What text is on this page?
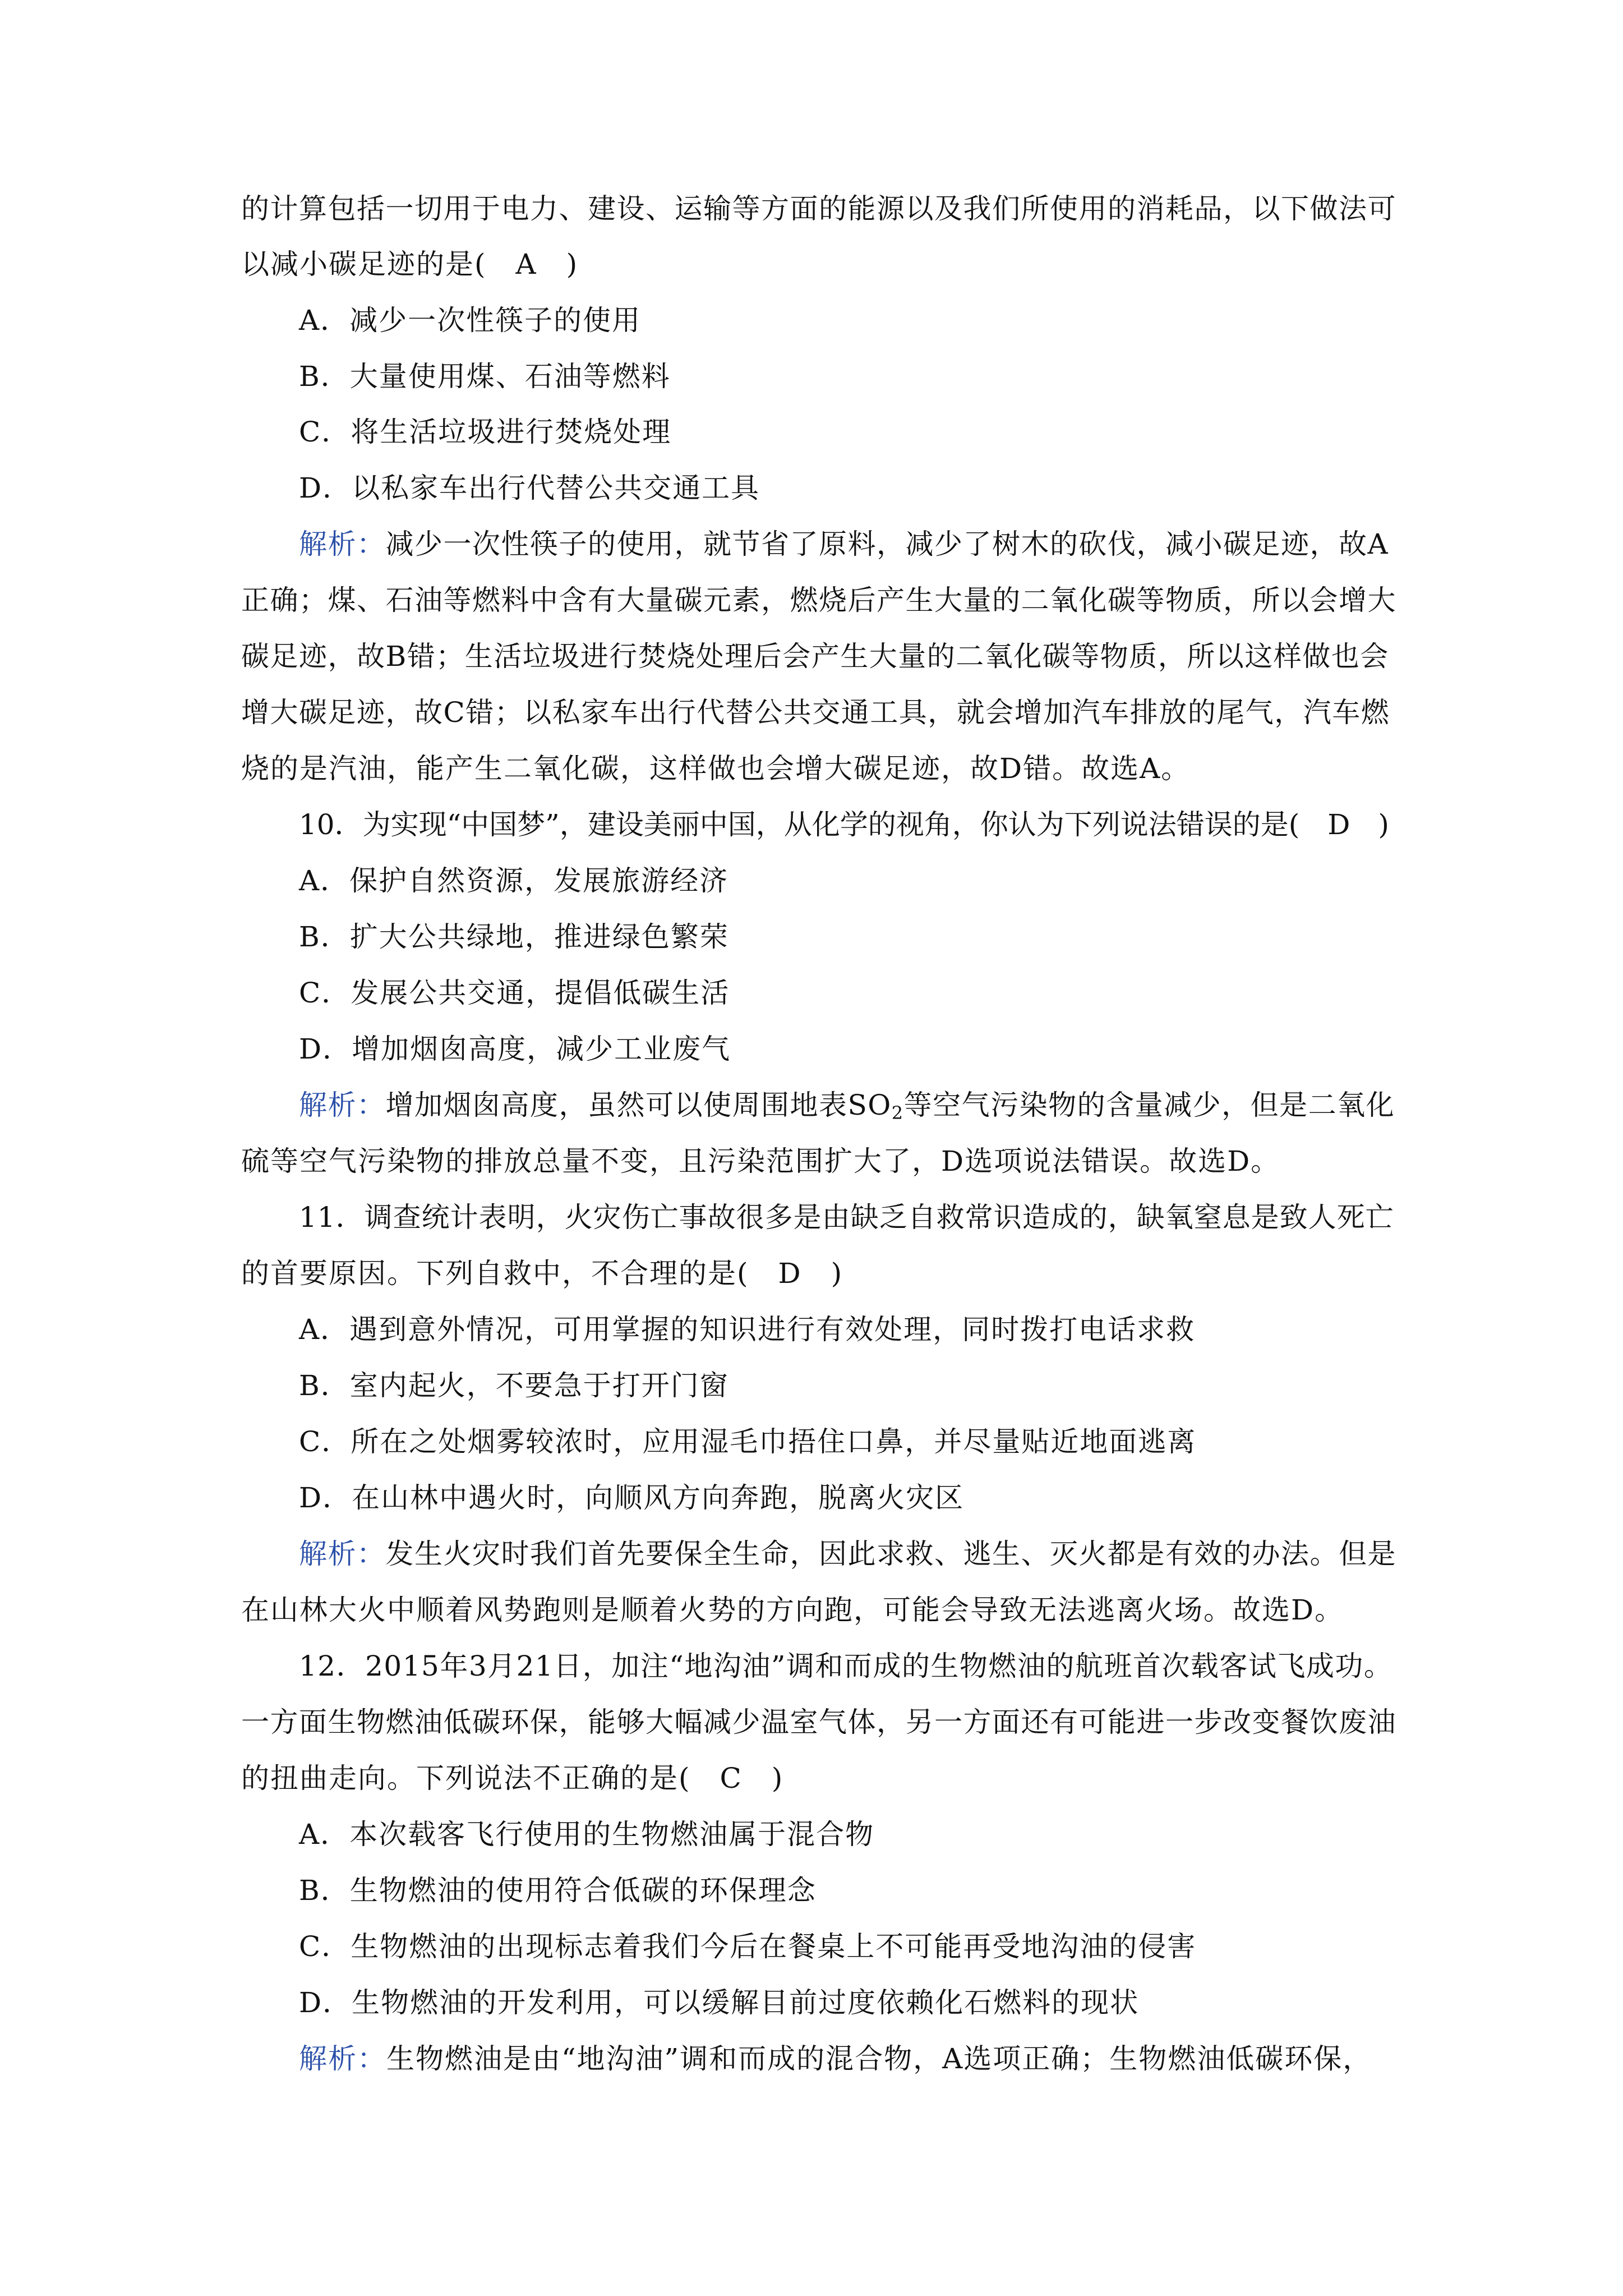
的计算包括一切用于电力、建设、运输等方面的能源以及我们所使用的消耗品，以下做法可
以减小碳足迹的是(　A　)
A．减少一次性筷子的使用
B．大量使用煤、石油等燃料
C．将生活垃圾进行焚烧处理
D．以私家车出行代替公共交通工具
解析：减少一次性筷子的使用，就节省了原料，减少了树木的砍伐，减小碳足迹，故A
正确；煤、石油等燃料中含有大量碳元素，燃烧后产生大量的二氧化碳等物质，所以会增大
碳足迹，故B错；生活垃圾进行焚烧处理后会产生大量的二氧化碳等物质，所以这样做也会
增大碳足迹，故C错；以私家车出行代替公共交通工具，就会增加汽车排放的尾气，汽车燃
烧的是汽油，能产生二氧化碳，这样做也会增大碳足迹，故D错。故选A。
10．为实现“中国梦”，建设美丽中国，从化学的视角，你认为下列说法错误的是(　D　)
A．保护自然资源，发展旅游经济
B．扩大公共绿地，推进绿色繁荣
C．发展公共交通，提倡低碳生活
D．增加烟囱高度，减少工业废气
解析：增加烟囱高度，虽然可以使周围地表$SO_2$等空气污染物的含量减少，但是二氧化
硫等空气污染物的排放总量不变，且污染范围扩大了，D选项说法错误。故选D。
11．调查统计表明，火灾伤亡事故很多是由缺乏自救常识造成的，缺氧窒息是致人死亡
的首要原因。下列自救中，不合理的是(　D　)
A．遇到意外情况，可用掌握的知识进行有效处理，同时拨打电话求救
B．室内起火，不要急于打开门窗
C．所在之处烟雾较浓时，应用湿毛巾捂住口鼻，并尽量贴近地面逃离
D．在山林中遇火时，向顺风方向奔跑，脱离火灾区
解析：发生火灾时我们首先要保全生命，因此求救、逃生、灭火都是有效的办法。但是
在山林大火中顺着风势跑则是顺着火势的方向跑，可能会导致无法逃离火场。故选D。
12．2015年3月21日，加注“地沟油”调和而成的生物燃油的航班首次载客试飞成功。
一方面生物燃油低碳环保，能够大幅减少温室气体，另一方面还有可能进一步改变餐饮废油
的扭曲走向。下列说法不正确的是(　C　)
A．本次载客飞行使用的生物燃油属于混合物
B．生物燃油的使用符合低碳的环保理念
C．生物燃油的出现标志着我们今后在餐桌上不可能再受地沟油的侵害
D．生物燃油的开发利用，可以缓解目前过度依赖化石燃料的现状
解析：生物燃油是由“地沟油”调和而成的混合物，A选项正确；生物燃油低碳环保，
